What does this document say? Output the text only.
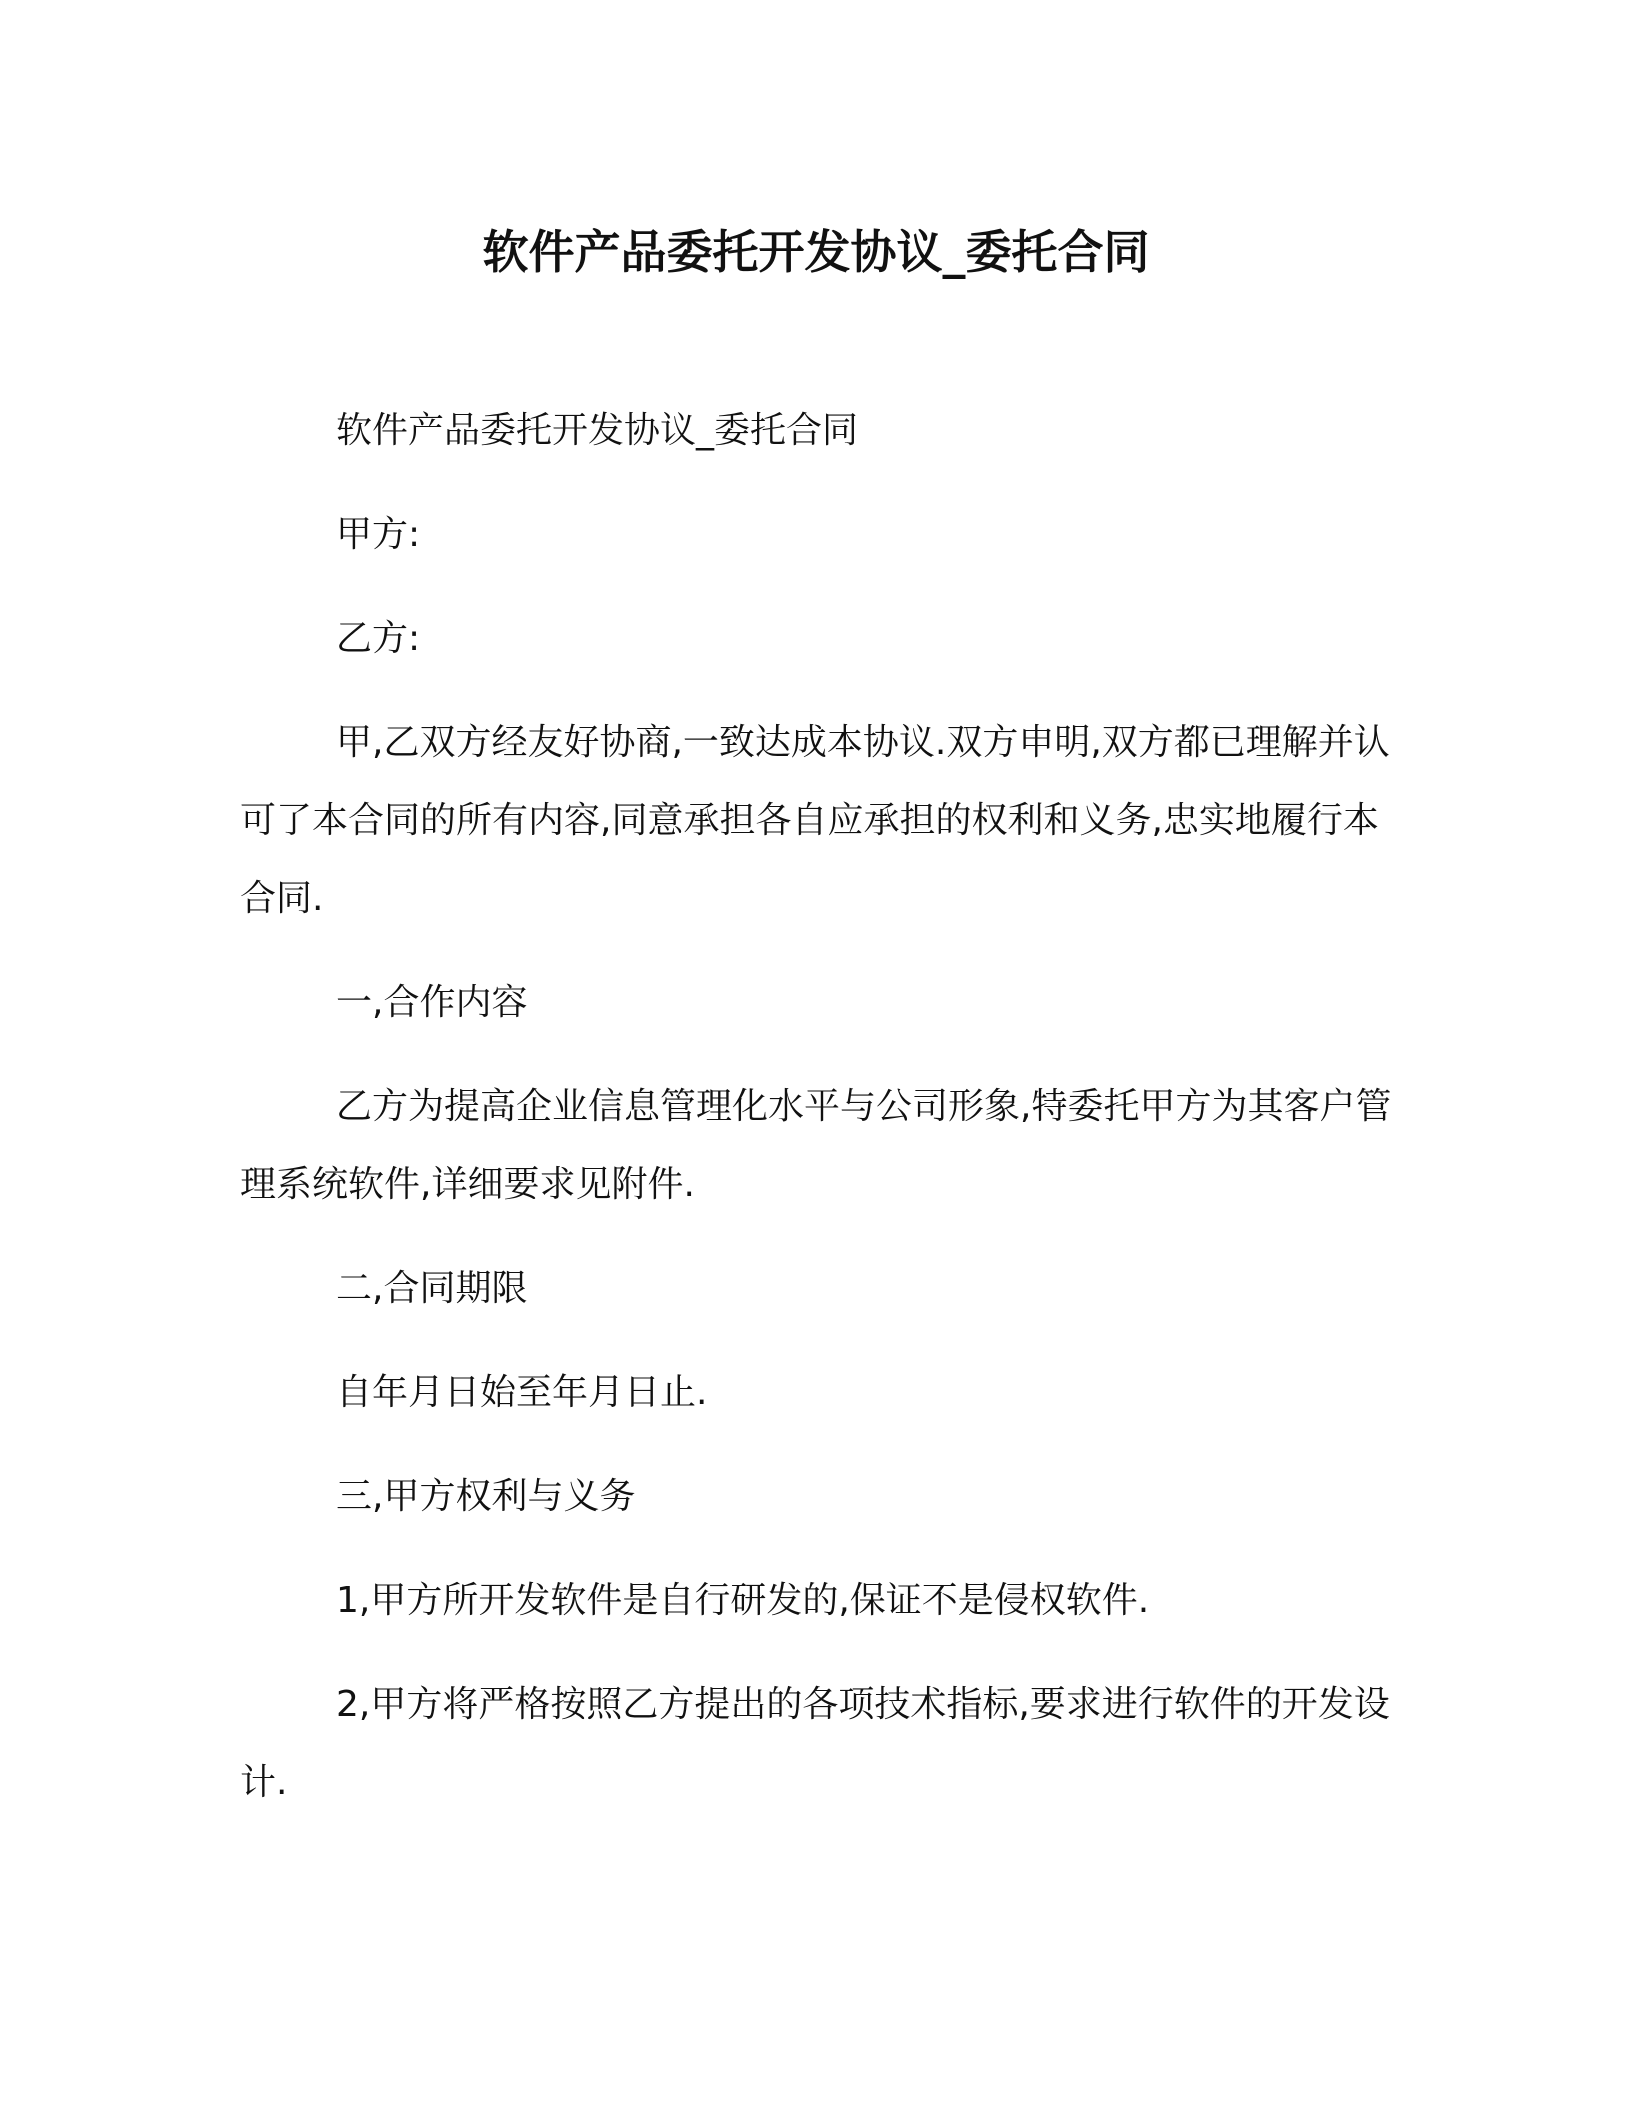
软件产品委托开发协议_委托合同

软件产品委托开发协议_委托合同

甲方:

乙方:

甲,乙双方经友好协商,一致达成本协议.双方申明,双方都已理解并认可了本合同的所有内容,同意承担各自应承担的权利和义务,忠实地履行本合同.

一,合作内容

乙方为提高企业信息管理化水平与公司形象,特委托甲方为其客户管理系统软件,详细要求见附件.

二,合同期限

自年月日始至年月日止.

三,甲方权利与义务

1,甲方所开发软件是自行研发的,保证不是侵权软件.

2,甲方将严格按照乙方提出的各项技术指标,要求进行软件的开发设计.
